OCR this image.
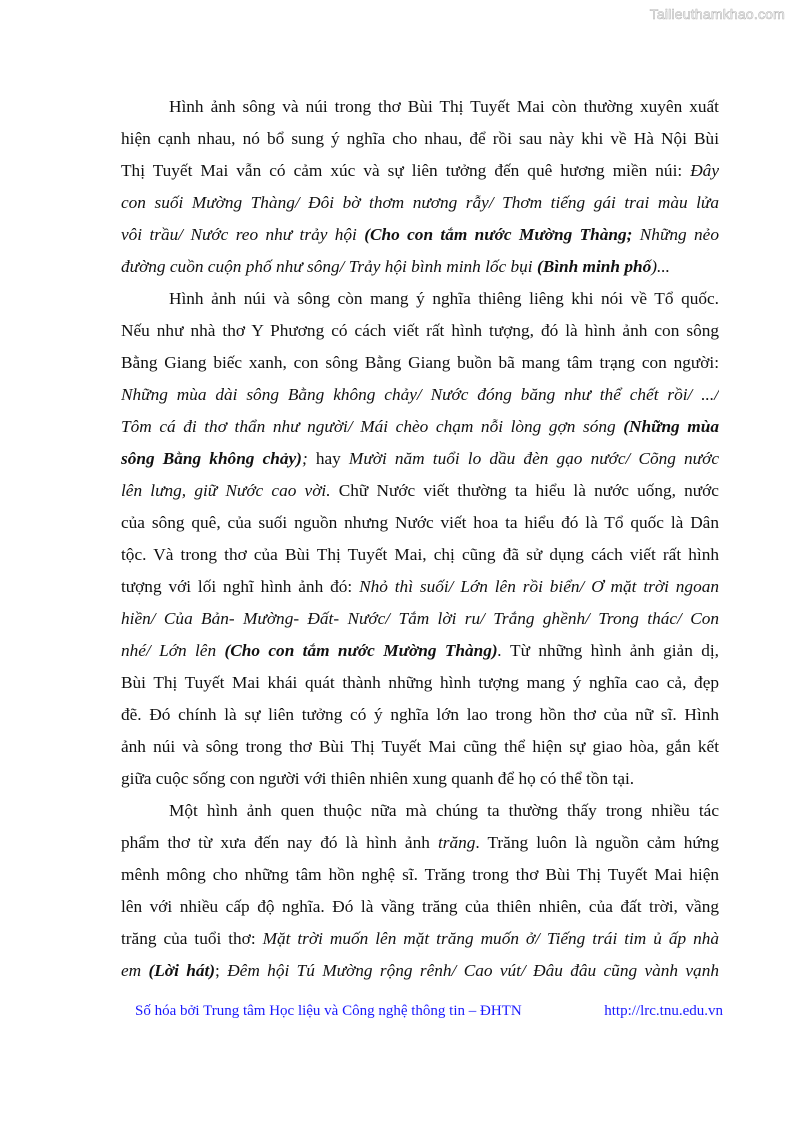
Tailieuthamkhao.com
Hình ảnh sông và núi trong thơ Bùi Thị Tuyết Mai còn thường xuyên xuất
hiện cạnh nhau, nó bổ sung ý nghĩa cho nhau, để rồi sau này khi về Hà Nội Bùi
Thị Tuyết Mai vẫn có cảm xúc và sự liên tưởng đến quê hương miền núi: Đây
con suối Mường Thàng/ Đôi bờ thơm nương rẫy/ Thơm tiếng gái trai màu lửa
vôi trầu/ Nước reo như trảy hội (Cho con tắm nước Mường Thàng; Những nẻo
đường cuồn cuộn phố như sông/ Trảy hội bình minh lốc bụi (Bình minh phố)...
Hình ảnh núi và sông còn mang ý nghĩa thiêng liêng khi nói về Tổ quốc.
Nếu như nhà thơ Y Phương có cách viết rất hình tượng, đó là hình ảnh con sông
Bằng Giang biếc xanh, con sông Bằng Giang buồn bã mang tâm trạng con người:
Những mùa dài sông Bằng không chảy/ Nước đóng băng như thể chết rồi/ .../
Tôm cá đi thơ thẩn như người/ Mái chèo chạm nỗi lòng gợn sóng (Những mùa
sông Bằng không chảy); hay Mười năm tuổi lo dầu đèn gạo nước/ Cõng nước
lên lưng, giữ Nước cao vời. Chữ Nước viết thường ta hiểu là nước uống, nước
của sông quê, của suối nguồn nhưng Nước viết hoa ta hiểu đó là Tổ quốc là Dân
tộc. Và trong thơ của Bùi Thị Tuyết Mai, chị cũng đã sử dụng cách viết rất hình
tượng với lối nghĩ hình ảnh đó: Nhỏ thì suối/ Lớn lên rồi biển/ Ơ mặt trời ngoan
hiền/ Của Bản- Mường- Đất- Nước/ Tắm lời ru/ Trắng ghềnh/ Trong thác/ Con
nhé/ Lớn lên (Cho con tắm nước Mường Thàng). Từ những hình ảnh giản dị,
Bùi Thị Tuyết Mai khái quát thành những hình tượng mang ý nghĩa cao cả, đẹp
đẽ. Đó chính là sự liên tưởng có ý nghĩa lớn lao trong hồn thơ của nữ sĩ. Hình
ảnh núi và sông trong thơ Bùi Thị Tuyết Mai cũng thể hiện sự giao hòa, gắn kết
giữa cuộc sống con người với thiên nhiên xung quanh để họ có thể tồn tại.
Một hình ảnh quen thuộc nữa mà chúng ta thường thấy trong nhiều tác
phẩm thơ từ xưa đến nay đó là hình ảnh trăng. Trăng luôn là nguồn cảm hứng
mênh mông cho những tâm hồn nghệ sĩ. Trăng trong thơ Bùi Thị Tuyết Mai hiện
lên với nhiều cấp độ nghĩa. Đó là vầng trăng của thiên nhiên, của đất trời, vầng
trăng của tuổi thơ: Mặt trời muốn lên mặt trăng muốn ở/ Tiếng trái tim ủ ấp nhà
em (Lời hát); Đêm hội Tú Mường rộng rênh/ Cao vút/ Đâu đâu cũng vành vạnh
Số hóa bởi Trung tâm Học liệu và Công nghệ thông tin – ĐHTN	http://lrc.tnu.edu.vn
